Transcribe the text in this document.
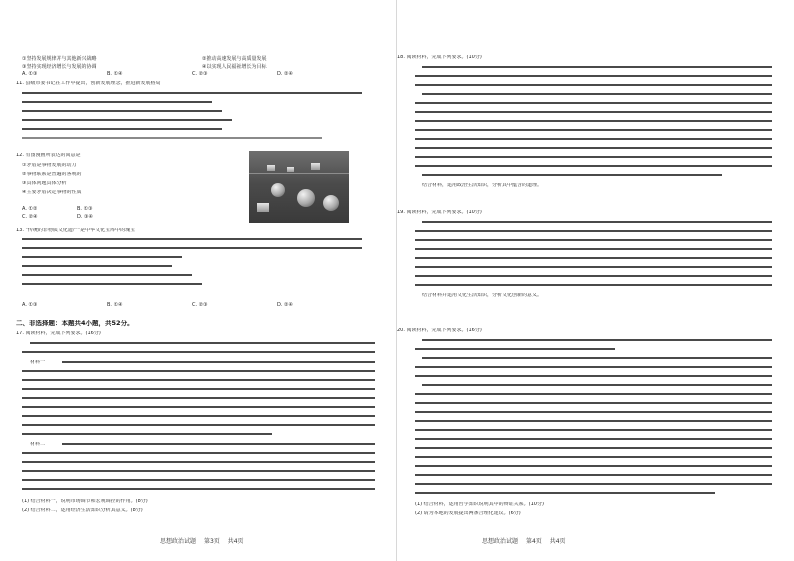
①坚持发展规律并与其他新兴战略	②推动高速发展与高质量发展
③坚持实现经济增长与发展的协调	④以实现人民福祉增长为目标
A. ①③	B. ①④	C. ②③	D. ②④
11. 县级市委书记在工作中提出，创新发展理念，推进新发展格局
12. 有图漫画所表达的寓意是
①矛盾是事物发展的动力
②事物联系是普遍的客观的
③具体问题具体分析
④主要矛盾决定事物的性质
A. ①②	B. ①③
C. ②④	D. ③④
13. "传统的非物质文化遗产"是中华文化宝库中的瑰宝
A. ①③	B. ①④	C. ②③	D. ②④
二、非选择题：本题共4小题，共52分。
17. 阅读材料，完成下列要求。(16分)
材料一
材料二
(1) 结合材料一，说明市场调节和宏观调控的作用。(8分)
(2) 结合材料二，运用经济生活知识分析其意义。(8分)
思想政治试题 第3页 共4页
18. 阅读材料，完成下列要求。(10分)
结合材料，运用政治生活知识，分析其中蕴含的道理。
19. 阅读材料，完成下列要求。(10分)
结合材料并运用文化生活知识，分析文化创新的意义。
20. 阅读材料，完成下列要求。(16分)
(1) 结合材料，运用哲学知识说明其中的辩证关系。(10分)
(2) 请为本地的发展提出两条合理化建议。(6分)
思想政治试题 第4页 共4页
